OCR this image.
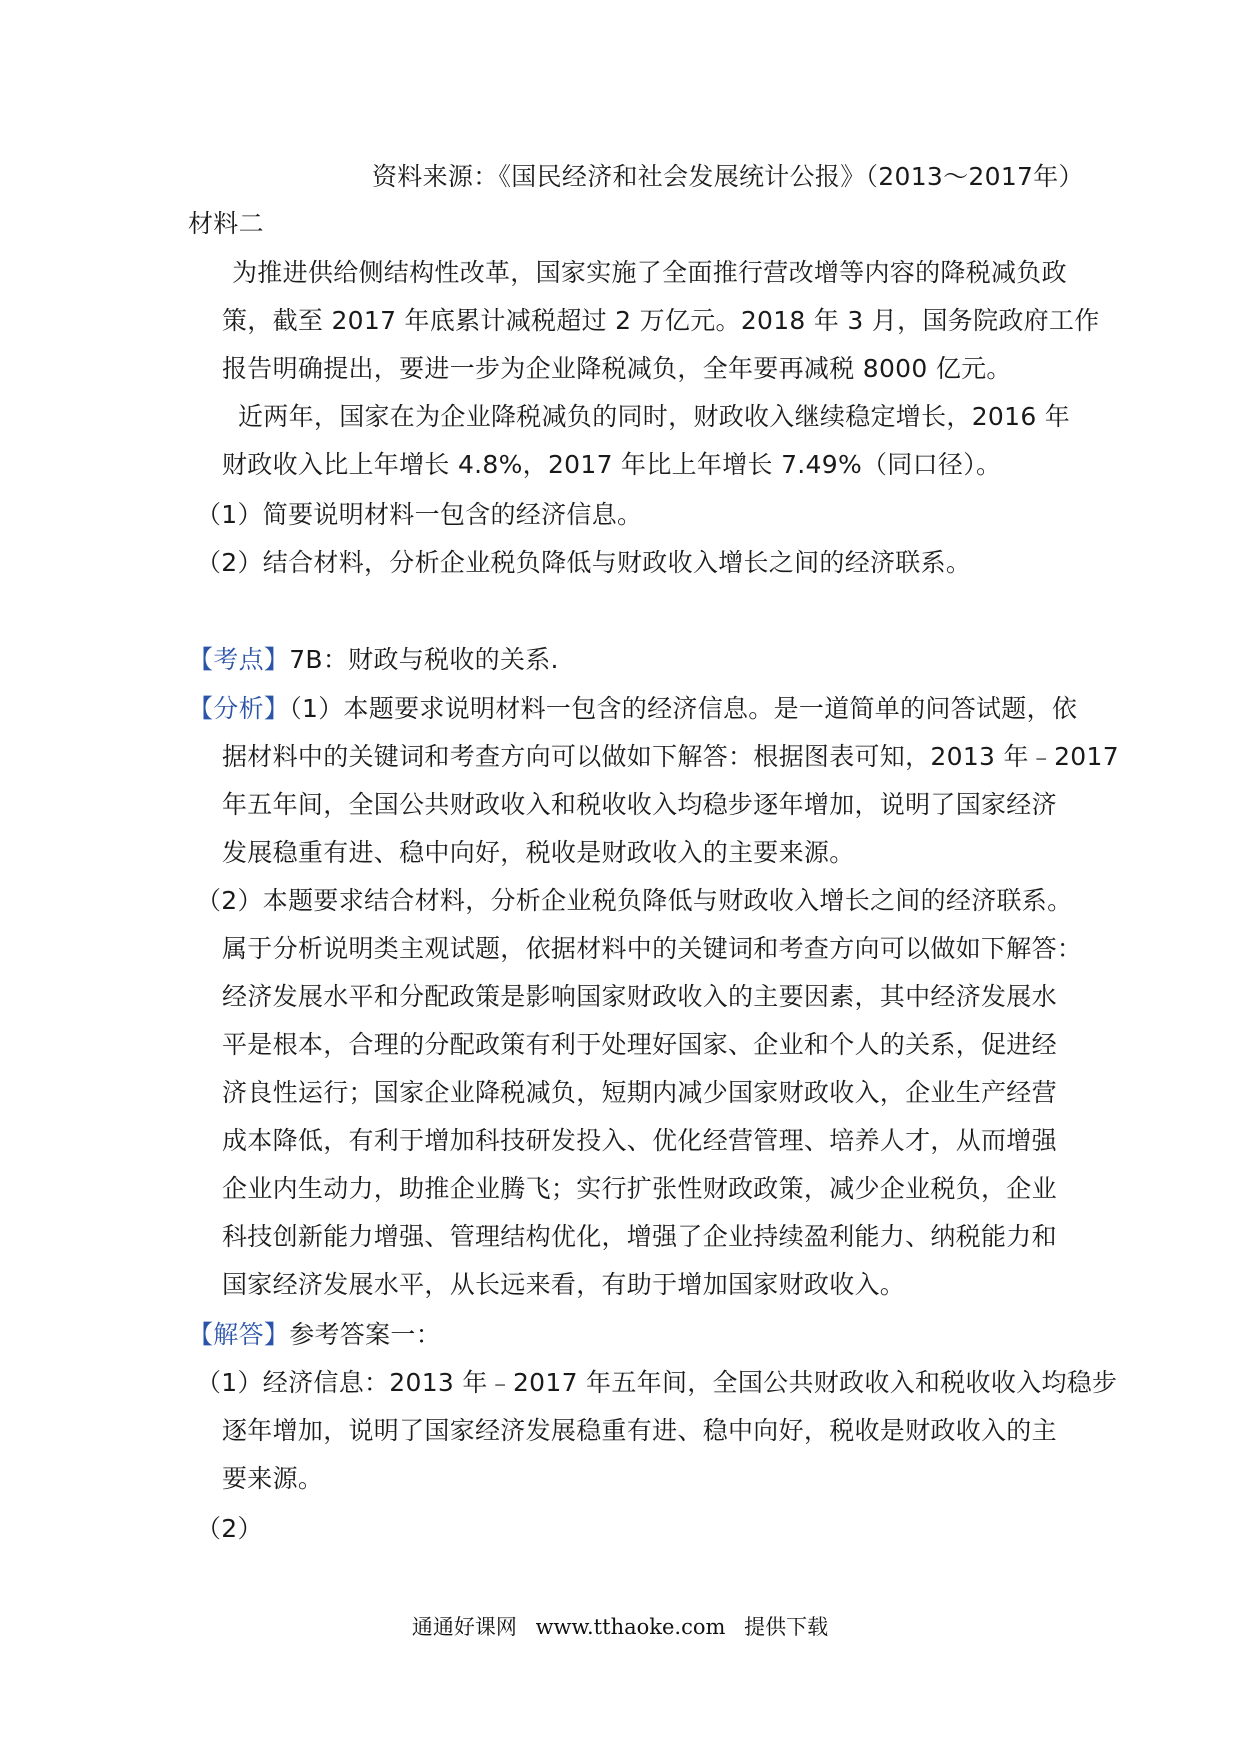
资料来源：《国民经济和社会发展统计公报》（2013～2017年）
材料二
为推进供给侧结构性改革，国家实施了全面推行营改增等内容的降税减负政
策，截至 2017 年底累计减税超过 2 万亿元。2018 年 3 月，国务院政府工作
报告明确提出，要进一步为企业降税减负，全年要再减税 8000 亿元。
近两年，国家在为企业降税减负的同时，财政收入继续稳定增长，2016 年
财政收入比上年增长 4.8%，2017 年比上年增长 7.49%（同口径）。
（1）简要说明材料一包含的经济信息。
（2）结合材料，分析企业税负降低与财政收入增长之间的经济联系。
【考点】7B：财政与税收的关系.
【分析】（1）本题要求说明材料一包含的经济信息。是一道简单的问答试题，依
据材料中的关键词和考查方向可以做如下解答：根据图表可知，2013 年﹣2017
年五年间，全国公共财政收入和税收收入均稳步逐年增加，说明了国家经济
发展稳重有进、稳中向好，税收是财政收入的主要来源。
（2）本题要求结合材料，分析企业税负降低与财政收入增长之间的经济联系。
属于分析说明类主观试题，依据材料中的关键词和考查方向可以做如下解答：
经济发展水平和分配政策是影响国家财政收入的主要因素，其中经济发展水
平是根本，合理的分配政策有利于处理好国家、企业和个人的关系，促进经
济良性运行；国家企业降税减负，短期内减少国家财政收入，企业生产经营
成本降低，有利于增加科技研发投入、优化经营管理、培养人才，从而增强
企业内生动力，助推企业腾飞；实行扩张性财政政策，减少企业税负，企业
科技创新能力增强、管理结构优化，增强了企业持续盈利能力、纳税能力和
国家经济发展水平，从长远来看，有助于增加国家财政收入。
【解答】参考答案一：
（1）经济信息：2013 年﹣2017 年五年间，全国公共财政收入和税收收入均稳步
逐年增加，说明了国家经济发展稳重有进、稳中向好，税收是财政收入的主
要来源。
（2）
通通好课网 www.tthaoke.com 提供下载
